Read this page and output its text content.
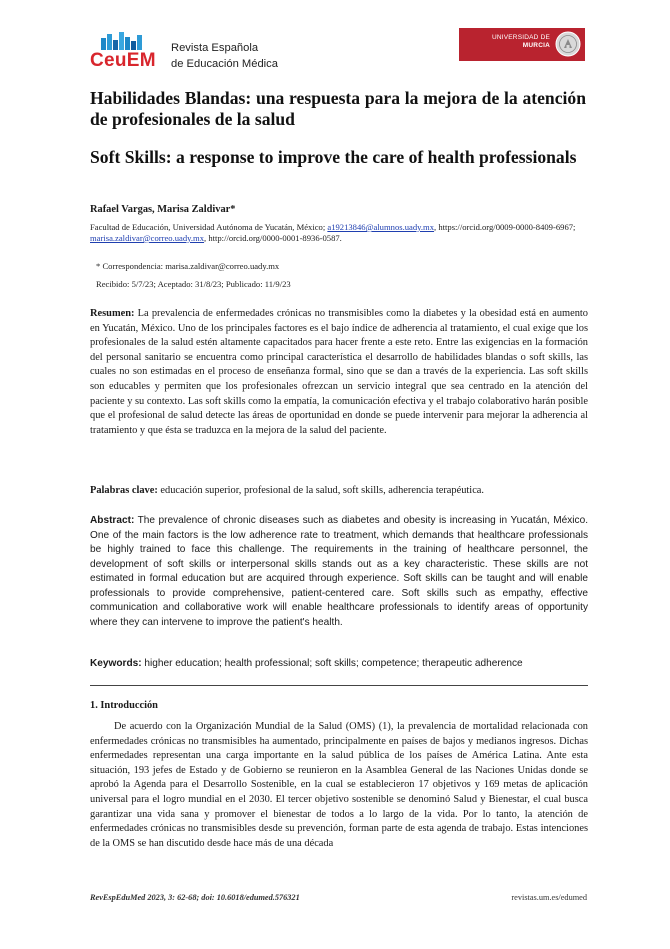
CeuEM
Revista Española
de Educación Médica
UNIVERSIDAD DE
MURCIA
Habilidades Blandas: una respuesta para la mejora de la atención de profesionales de la salud
Soft Skills: a response to improve the care of health professionals
Rafael Vargas, Marisa Zaldivar*
Facultad de Educación, Universidad Autónoma de Yucatán, México; a19213846@alumnos.uady.mx, https://orcid.org/0009-0000-8409-6967; marisa.zaldivar@correo.uady.mx, http://orcid.org/0000-0001-8936-0587.
* Correspondencia: marisa.zaldivar@correo.uady.mx
Recibido: 5/7/23; Aceptado: 31/8/23; Publicado: 11/9/23
Resumen: La prevalencia de enfermedades crónicas no transmisibles como la diabetes y la obesidad está en aumento en Yucatán, México. Uno de los principales factores es el bajo índice de adherencia al tratamiento, el cual exige que los profesionales de la salud estén altamente capacitados para hacer frente a este reto. Entre las exigencias en la formación del personal sanitario se encuentra como principal característica el desarrollo de habilidades blandas o soft skills, las cuales no son estimadas en el proceso de enseñanza formal, sino que se dan a través de la experiencia. Las soft skills son educables y permiten que los profesionales ofrezcan un servicio integral que sea centrado en la atención del paciente y su contexto. Las soft skills como la empatía, la comunicación efectiva y el trabajo colaborativo harán posible que el profesional de salud detecte las áreas de oportunidad en donde se puede intervenir para mejorar la adherencia al tratamiento y que ésta se traduzca en la mejora de la salud del paciente.
Palabras clave: educación superior, profesional de la salud, soft skills, adherencia terapéutica.
Abstract: The prevalence of chronic diseases such as diabetes and obesity is increasing in Yucatán, México. One of the main factors is the low adherence rate to treatment, which demands that healthcare professionals be highly trained to face this challenge. The requirements in the training of healthcare personnel, the development of soft skills or interpersonal skills stands out as a key characteristic. These skills are not estimated in formal education but are acquired through experience. Soft skills can be taught and will enable professionals to provide comprehensive, patient-centered care. Soft skills such as empathy, effective communication and collaborative work will enable healthcare professionals to identify areas of opportunity where they can intervene to improve the patient's health.
Keywords: higher education; health professional; soft skills; competence; therapeutic adherence
1. Introducción
De acuerdo con la Organización Mundial de la Salud (OMS) (1), la prevalencia de mortalidad relacionada con enfermedades crónicas no transmisibles ha aumentado, principalmente en países de bajos y medianos ingresos. Dichas enfermedades representan una carga importante en la salud pública de los países de América Latina. Ante esta situación, 193 jefes de Estado y de Gobierno se reunieron en la Asamblea General de las Naciones Unidas donde se aprobó la Agenda para el Desarrollo Sostenible, en la cual se establecieron 17 objetivos y 169 metas de aplicación universal para el logro mundial en el 2030. El tercer objetivo sostenible se denominó Salud y Bienestar, el cual busca garantizar una vida sana y promover el bienestar de todos a lo largo de la vida. Por lo tanto, la atención de enfermedades crónicas no transmisibles desde su prevención, forman parte de esta agenda de trabajo. Estas intenciones de la OMS se han discutido desde hace más de una década
RevEspEduMed 2023, 3: 62-68; doi: 10.6018/edumed.576321	revistas.um.es/edumed
